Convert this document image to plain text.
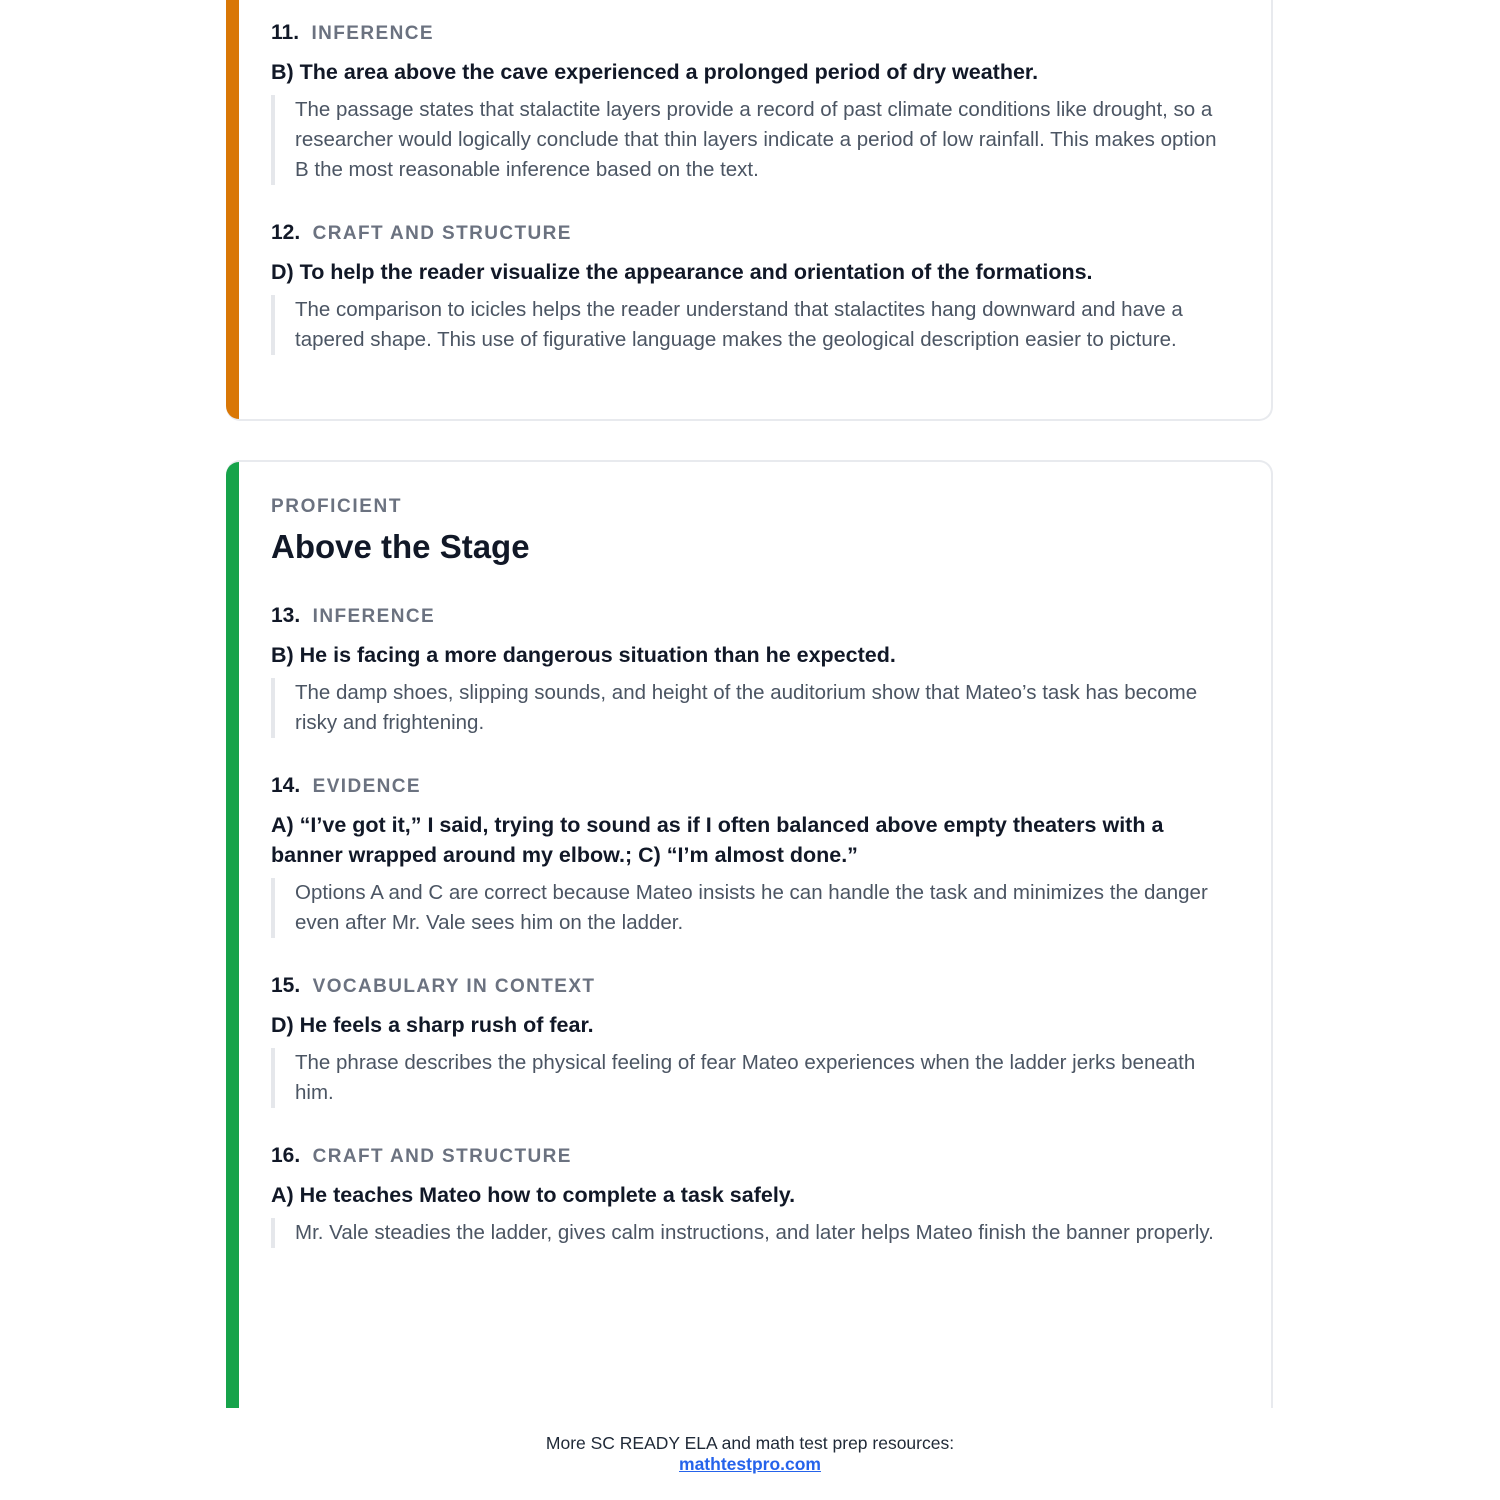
11. INFERENCE

B) The area above the cave experienced a prolonged period of dry weather.

The passage states that stalactite layers provide a record of past climate conditions like drought, so a researcher would logically conclude that thin layers indicate a period of low rainfall. This makes option B the most reasonable inference based on the text.

12. CRAFT AND STRUCTURE

D) To help the reader visualize the appearance and orientation of the formations.

The comparison to icicles helps the reader understand that stalactites hang downward and have a tapered shape. This use of figurative language makes the geological description easier to picture.

PROFICIENT
Above the Stage
13. INFERENCE

B) He is facing a more dangerous situation than he expected.

The damp shoes, slipping sounds, and height of the auditorium show that Mateo’s task has become risky and frightening.

14. EVIDENCE

A) “I’ve got it,” I said, trying to sound as if I often balanced above empty theaters with a banner wrapped around my elbow.; C) “I’m almost done.”

Options A and C are correct because Mateo insists he can handle the task and minimizes the danger even after Mr. Vale sees him on the ladder.

15. VOCABULARY IN CONTEXT

D) He feels a sharp rush of fear.

The phrase describes the physical feeling of fear Mateo experiences when the ladder jerks beneath him.

16. CRAFT AND STRUCTURE

A) He teaches Mateo how to complete a task safely.

Mr. Vale steadies the ladder, gives calm instructions, and later helps Mateo finish the banner properly.

More SC READY ELA and math test prep resources:
mathtestpro.com
